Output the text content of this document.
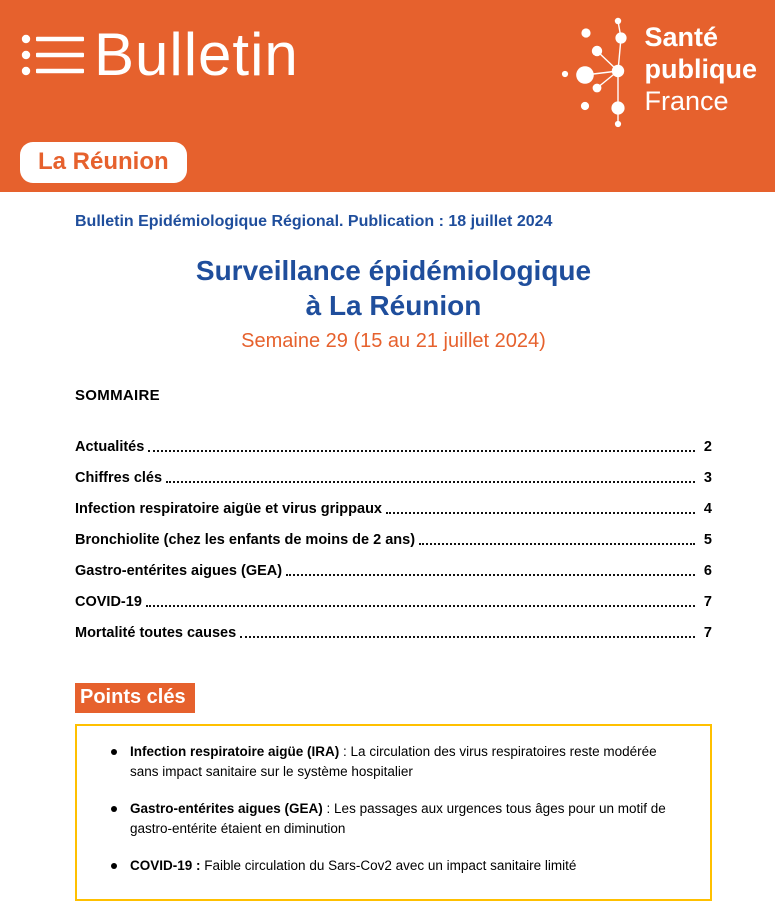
Bulletin	Santé
publique
France
La Réunion

Bulletin Epidémiologique Régional. Publication : 18 juillet 2024

Surveillance épidémiologique
à La Réunion

Semaine 29 (15 au 21 juillet 2024)

SOMMAIRE
Actualités	2
Chiffres clés	3
Infection respiratoire aigüe et virus grippaux	4
Bronchiolite (chez les enfants de moins de 2 ans)	5
Gastro-entérites aigues (GEA)	6
COVID-19	7
Mortalité toutes causes	7
Points clés
Infection respiratoire aigüe (IRA) : La circulation des virus respiratoires reste modérée sans impact sanitaire sur le système hospitalier
Gastro-entérites aigues (GEA) : Les passages aux urgences tous âges pour un motif de gastro-entérite étaient en diminution
COVID-19 : Faible circulation du Sars-Cov2 avec un impact sanitaire limité
